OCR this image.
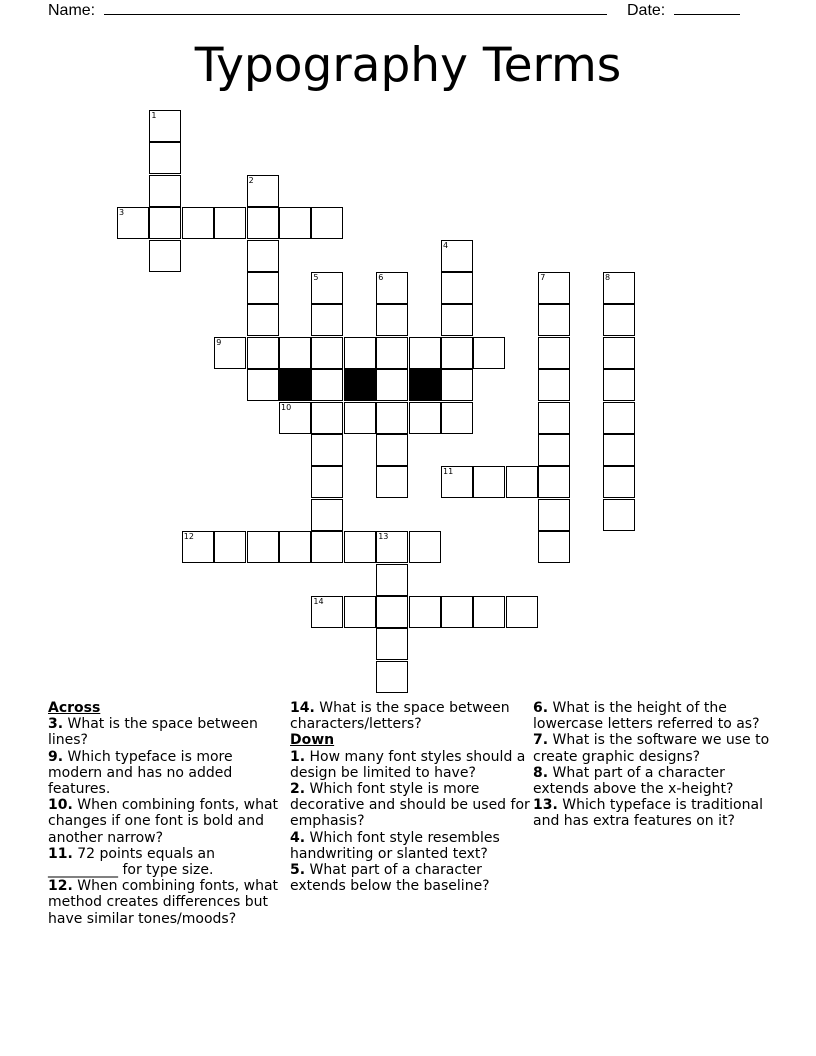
Name:	Date:
Typography Terms
1
2
3
4
5	6	7	8
9
10
11
12	13
14
Across
3. What is the space between lines?
9. Which typeface is more modern and has no added features.
10. When combining fonts, what changes if one font is bold and another narrow?
11. 72 points equals an __________ for type size.
12. When combining fonts, what method creates differences but have similar tones/moods?
14. What is the space between characters/letters?
Down
1. How many font styles should a design be limited to have?
2. Which font style is more decorative and should be used for emphasis?
4. Which font style resembles handwriting or slanted text?
5. What part of a character extends below the baseline?
6. What is the height of the lowercase letters referred to as?
7. What is the software we use to create graphic designs?
8. What part of a character extends above the x-height?
13. Which typeface is traditional and has extra features on it?
